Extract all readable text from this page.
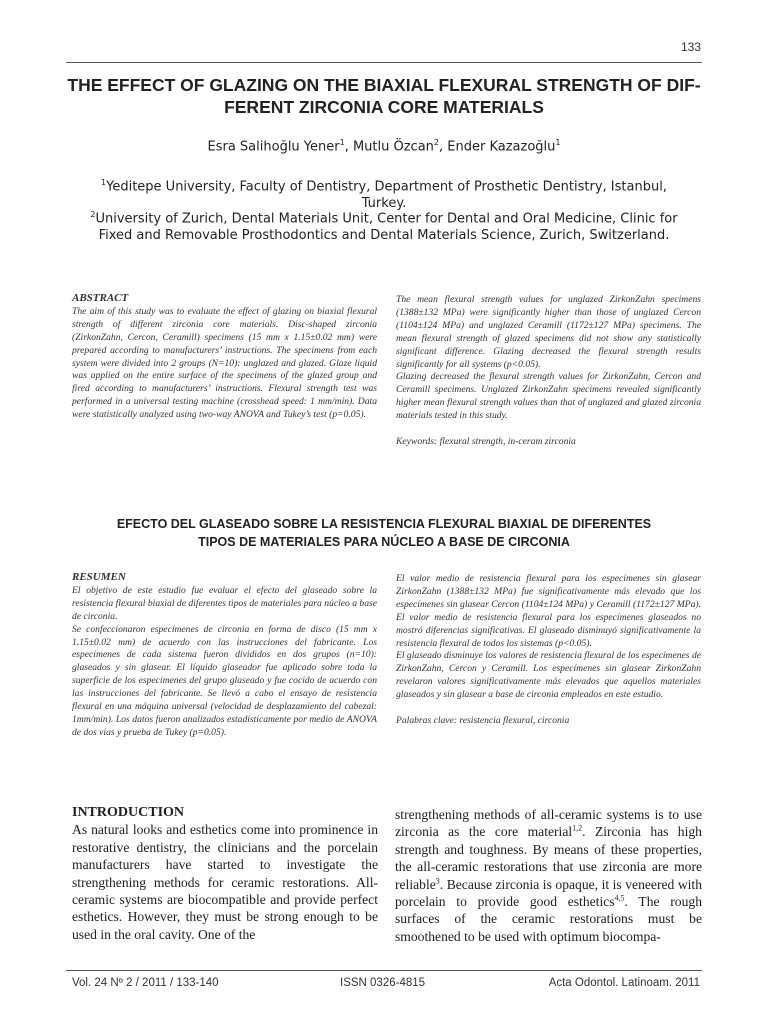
133
THE EFFECT OF GLAZING ON THE BIAXIAL FLEXURAL STRENGTH OF DIF-
FERENT ZIRCONIA CORE MATERIALS
Esra Salihoğlu Yener$^1$, Mutlu Özcan$^2$, Ender Kazazoğlu$^1$
$^1$Yeditepe University, Faculty of Dentistry, Department of Prosthetic Dentistry, Istanbul, Turkey.
$^2$University of Zurich, Dental Materials Unit, Center for Dental and Oral Medicine, Clinic for Fixed and Removable Prosthodontics and Dental Materials Science, Zurich, Switzerland.
ABSTRACT
The aim of this study was to evaluate the effect of glazing on biaxial flexural strength of different zirconia core materials. Disc-shaped zirconia (ZirkonZahn, Cercon, Ceramill) specimens (15 mm x 1.15±0.02 mm) were prepared according to manufacturers’ instructions. The specimens from each system were divided into 2 groups (N=10): unglazed and glazed. Glaze liquid was applied on the entire surface of the specimens of the glazed group and fired according to manufacturers’ instructions. Flexural strength test was performed in a universal testing machine (crosshead speed: 1 mm/min). Data were statistically analyzed using two-way ANOVA and Tukey’s test (p=0.05).
The mean flexural strength values for unglazed ZirkonZahn specimens (1388±132 MPa) were significantly higher than those of unglazed Cercon (1104±124 MPa) and unglazed Ceramill (1172±127 MPa) specimens. The mean flexural strength of glazed specimens did not show any statistically significant difference. Glazing decreased the flexural strength results significantly for all systems (p<0.05).
Glazing decreased the flexural strength values for ZirkonZahn, Cercon and Ceramill specimens. Unglazed ZirkonZahn specimens revealed significantly higher mean flexural strength values than that of unglazed and glazed zirconia materials tested in this study.
Keywords: flexural strength, in-ceram zirconia
EFECTO DEL GLASEADO SOBRE LA RESISTENCIA FLEXURAL BIAXIAL DE DIFERENTES
TIPOS DE MATERIALES PARA NÚCLEO A BASE DE CIRCONIA
RESUMEN
El objetivo de este estudio fue evaluar el efecto del glaseado sobre la resistencia flexural biaxial de diferentes tipos de materiales para núcleo a base de circonia.
Se confeccionaron especímenes de circonia en forma de disco (15 mm x 1.15±0.02 mm) de acuerdo con las instrucciones del fabricante. Los especímenes de cada sistema fueron divididos en dos grupos (n=10): glaseados y sin glasear. El líquido glaseador fue aplicado sobre toda la superficie de los especímenes del grupo glaseado y fue cocido de acuerdo con las instrucciones del fabricante. Se llevó a cabo el ensayo de resistencia flexural en una máquina universal (velocidad de desplazamiento del cabezal: 1mm/min). Los datos fueron analizados estadísticamente por medio de ANOVA de dos vías y prueba de Tukey (p=0.05).
El valor medio de resistencia flexural para los especímenes sin glasear ZirkonZahn (1388±132 MPa) fue significativamente más elevado que los especímenes sin glasear Cercon (1104±124 MPa) y Ceramill (1172±127 MPa). El valor medio de resistencia flexural para los especímenes glaseados no mostró diferencias significativas. El glaseado disminuyó significativamente la resistencia flexural de todos los sistemas (p<0.05).
El glaseado disminuye los valores de resistencia flexural de los especímenes de ZirkonZahn, Cercon y Ceramill. Los especímenes sin glasear ZirkonZahn revelaron valores significativamente más elevados que aquellos materiales glaseados y sin glasear a base de circonia empleados en este estudio.
Palabras clave: resistencia flexural, circonia
INTRODUCTION
As natural looks and esthetics come into prominence in restorative dentistry, the clinicians and the porcelain manufacturers have started to investigate the strengthening methods for ceramic restorations. All-ceramic systems are biocompatible and provide perfect esthetics. However, they must be strong enough to be used in the oral cavity. One of the
strengthening methods of all-ceramic systems is to use zirconia as the core material$^{1,2}$. Zirconia has high strength and toughness. By means of these properties, the all-ceramic restorations that use zirconia are more reliable$^3$. Because zirconia is opaque, it is veneered with porcelain to provide good esthetics$^{4,5}$. The rough surfaces of the ceramic restorations must be smoothened to be used with optimum biocompa-
Vol. 24 Nº 2 / 2011 / 133-140	ISSN 0326-4815	Acta Odontol. Latinoam. 2011
